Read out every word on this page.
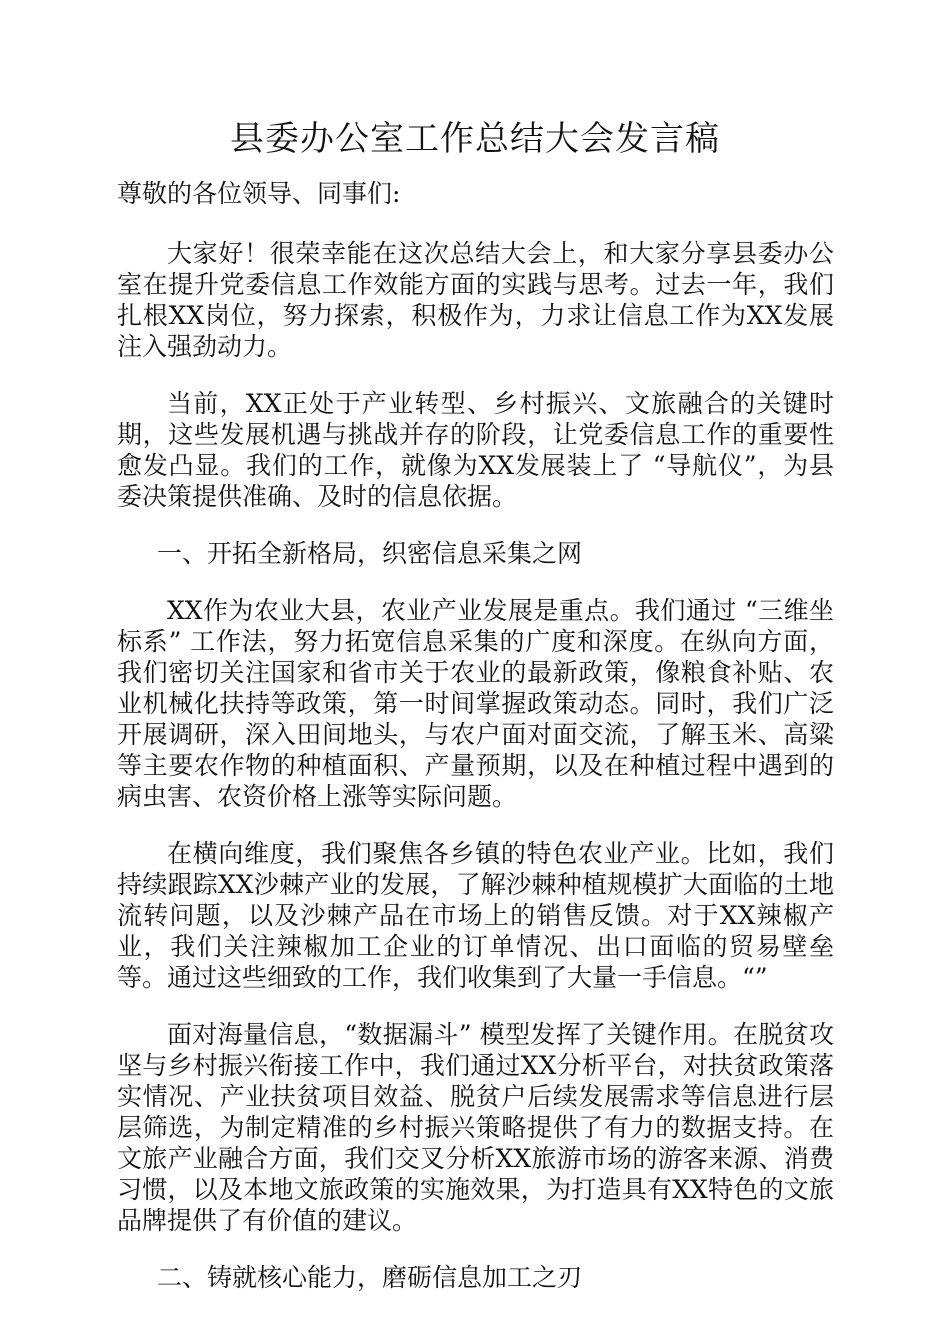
县委办公室工作总结大会发言稿

尊敬的各位领导、同事们:

大家好！很荣幸能在这次总结大会上，和大家分享县委办公室在提升党委信息工作效能方面的实践与思考。过去一年，我们扎根XX岗位，努力探索，积极作为，力求让信息工作为XX发展注入强劲动力。

当前，XX正处于产业转型、乡村振兴、文旅融合的关键时期，这些发展机遇与挑战并存的阶段，让党委信息工作的重要性愈发凸显。我们的工作，就像为XX发展装上了 “导航仪”，为县委决策提供准确、及时的信息依据。

一、开拓全新格局，织密信息采集之网

XX作为农业大县，农业产业发展是重点。我们通过 “三维坐标系” 工作法，努力拓宽信息采集的广度和深度。在纵向方面，我们密切关注国家和省市关于农业的最新政策，像粮食补贴、农业机械化扶持等政策，第一时间掌握政策动态。同时，我们广泛开展调研，深入田间地头，与农户面对面交流，了解玉米、高粱等主要农作物的种植面积、产量预期，以及在种植过程中遇到的病虫害、农资价格上涨等实际问题。

在横向维度，我们聚焦各乡镇的特色农业产业。比如，我们持续跟踪XX沙棘产业的发展，了解沙棘种植规模扩大面临的土地流转问题，以及沙棘产品在市场上的销售反馈。对于XX辣椒产业，我们关注辣椒加工企业的订单情况、出口面临的贸易壁垒等。通过这些细致的工作，我们收集到了大量一手信息。“”

面对海量信息，“数据漏斗” 模型发挥了关键作用。在脱贫攻坚与乡村振兴衔接工作中，我们通过XX分析平台，对扶贫政策落实情况、产业扶贫项目效益、脱贫户后续发展需求等信息进行层层筛选，为制定精准的乡村振兴策略提供了有力的数据支持。在文旅产业融合方面，我们交叉分析XX旅游市场的游客来源、消费习惯，以及本地文旅政策的实施效果，为打造具有XX特色的文旅品牌提供了有价值的建议。

二、铸就核心能力，磨砺信息加工之刃
